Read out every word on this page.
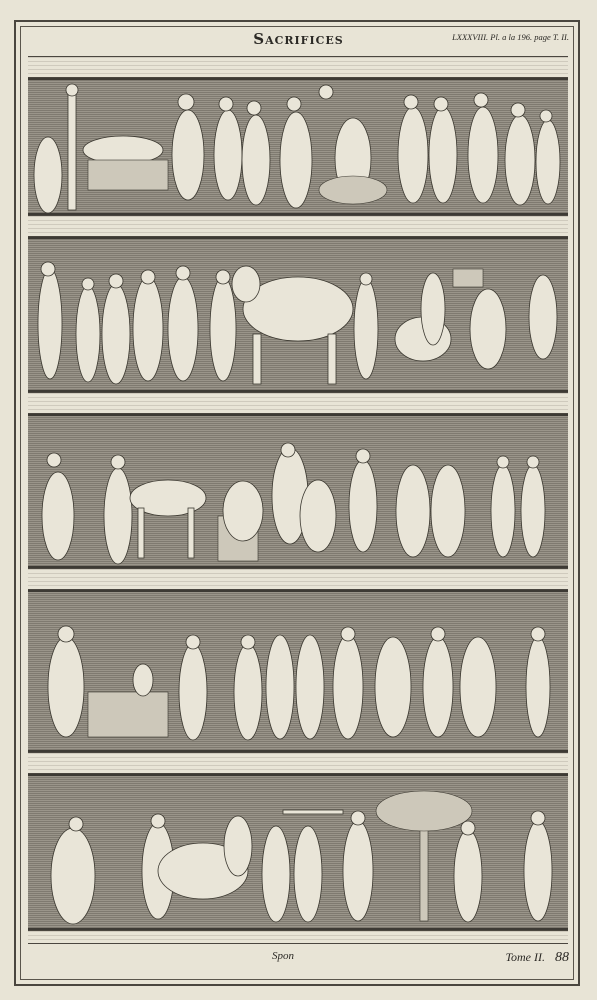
Sacrifices	LXXXVIII. Pl. a la 196. page T. II.
Spon	Tome II. 88
